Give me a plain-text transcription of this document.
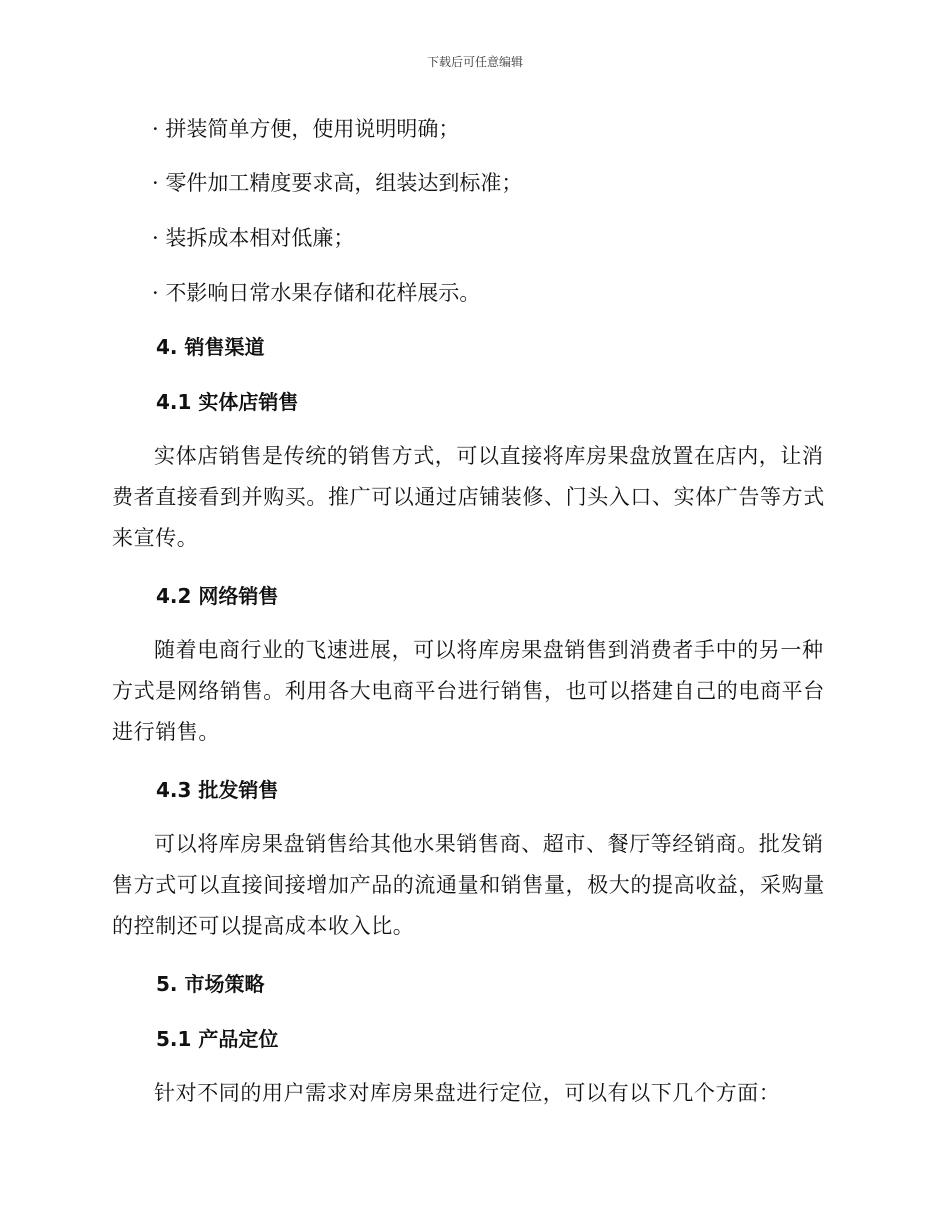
下载后可任意编辑

· 拼装简单方便，使用说明明确；

· 零件加工精度要求高，组装达到标准；

· 装拆成本相对低廉；

· 不影响日常水果存储和花样展示。

4. 销售渠道
4.1 实体店销售

实体店销售是传统的销售方式，可以直接将库房果盘放置在店内，让消费者直接看到并购买。推广可以通过店铺装修、门头入口、实体广告等方式来宣传。

4.2 网络销售

随着电商行业的飞速进展，可以将库房果盘销售到消费者手中的另一种方式是网络销售。利用各大电商平台进行销售，也可以搭建自己的电商平台进行销售。

4.3 批发销售

可以将库房果盘销售给其他水果销售商、超市、餐厅等经销商。批发销售方式可以直接间接增加产品的流通量和销售量，极大的提高收益，采购量的控制还可以提高成本收入比。

5. 市场策略
5.1 产品定位

针对不同的用户需求对库房果盘进行定位，可以有以下几个方面：
